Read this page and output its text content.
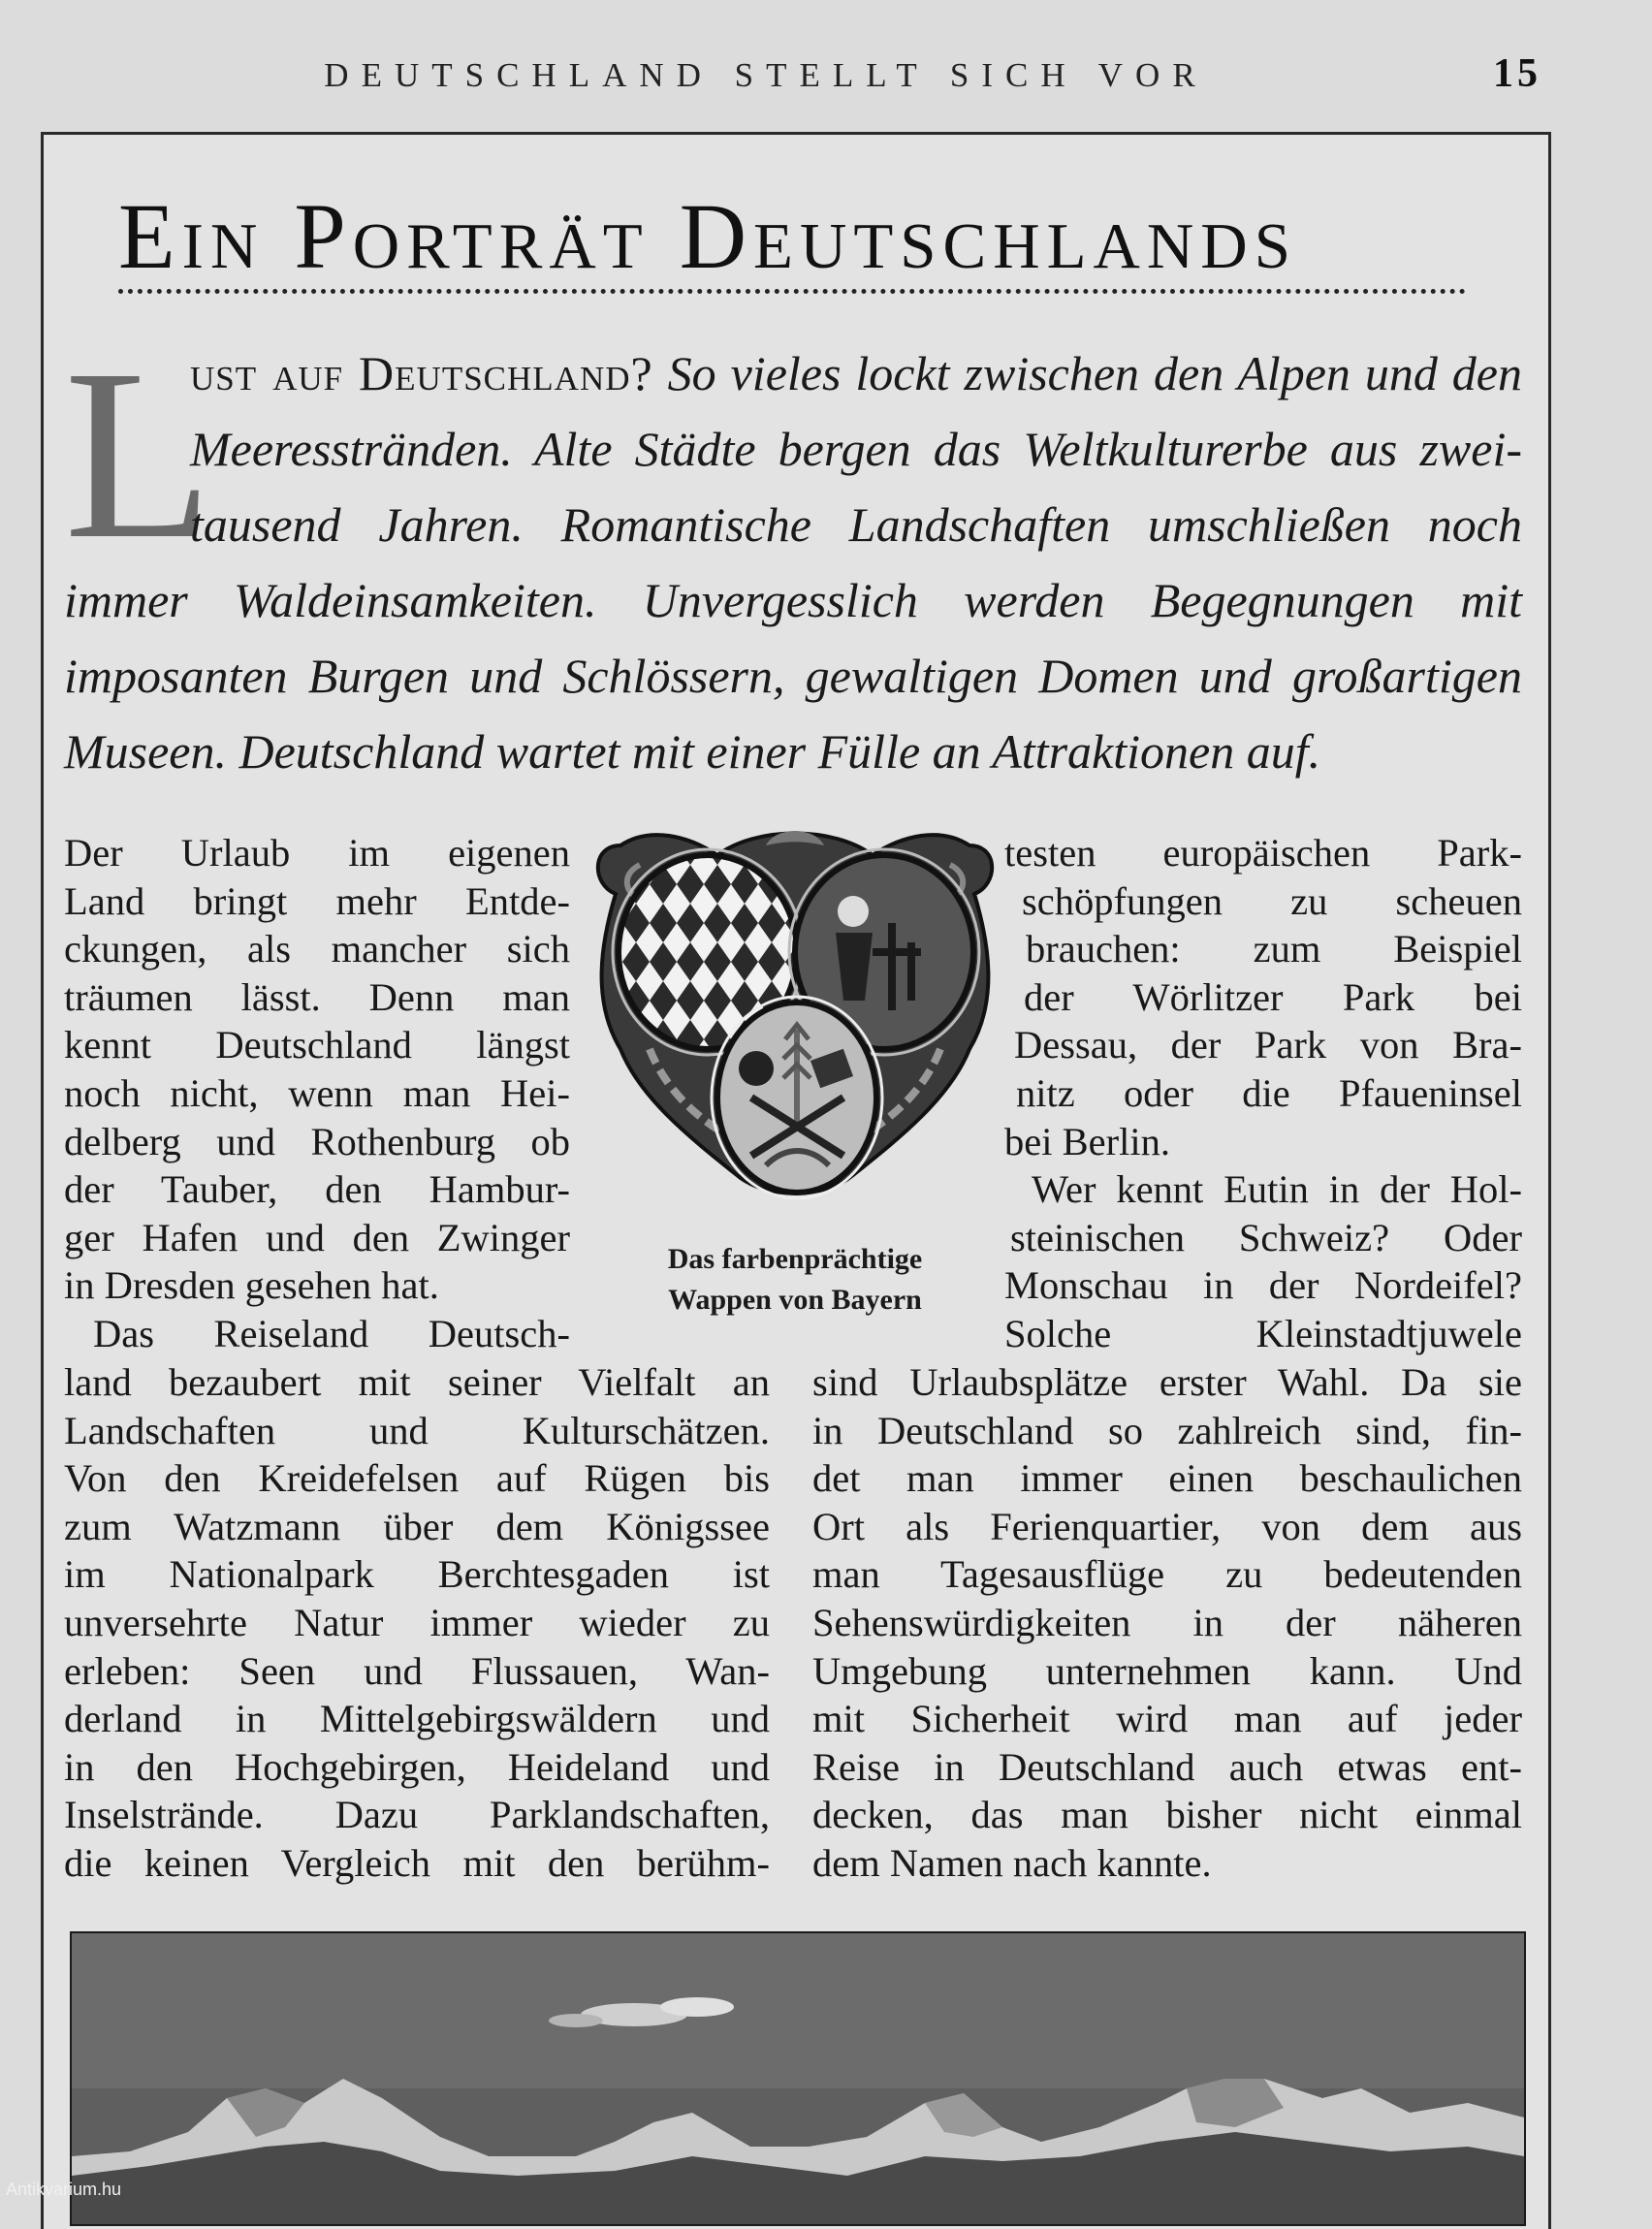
DEUTSCHLAND STELLT SICH VOR	15
Ein Porträt Deutschlands
L
ust auf Deutschland? So vieles lockt zwischen den Alpen und den
Meeresstränden. Alte Städte bergen das Weltkulturerbe aus zwei-
tausend Jahren. Romantische Landschaften umschließen noch
immer Waldeinsamkeiten. Unvergesslich werden Begegnungen mit
imposanten Burgen und Schlössern, gewaltigen Domen und großartigen
Museen. Deutschland wartet mit einer Fülle an Attraktionen auf.
Der Urlaub im eigenen
Land bringt mehr Entde-
ckungen, als mancher sich
träumen lässt. Denn man
kennt Deutschland längst
noch nicht, wenn man Hei-
delberg und Rothenburg ob
der Tauber, den Hambur-
ger Hafen und den Zwinger
in Dresden gesehen hat.
Das Reiseland Deutsch-
land bezaubert mit seiner Vielfalt an
Landschaften und Kulturschätzen.
Von den Kreidefelsen auf Rügen bis
zum Watzmann über dem Königssee
im Nationalpark Berchtesgaden ist
unversehrte Natur immer wieder zu
erleben: Seen und Flussauen, Wan-
derland in Mittelgebirgswäldern und
in den Hochgebirgen, Heideland und
Inselstrände. Dazu Parklandschaften,
die keinen Vergleich mit den berühm-
testen europäischen Park-
schöpfungen zu scheuen
brauchen: zum Beispiel
der Wörlitzer Park bei
Dessau, der Park von Bra-
nitz oder die Pfaueninsel
bei Berlin.
Wer kennt Eutin in der Hol-
steinischen Schweiz? Oder
Monschau in der Nordeifel?
Solche Kleinstadtjuwele
sind Urlaubsplätze erster Wahl. Da sie
in Deutschland so zahlreich sind, fin-
det man immer einen beschaulichen
Ort als Ferienquartier, von dem aus
man Tagesausflüge zu bedeutenden
Sehenswürdigkeiten in der näheren
Umgebung unternehmen kann. Und
mit Sicherheit wird man auf jeder
Reise in Deutschland auch etwas ent-
decken, das man bisher nicht einmal
dem Namen nach kannte.
Das farbenprächtige
Wappen von Bayern
Antikvarium.hu
